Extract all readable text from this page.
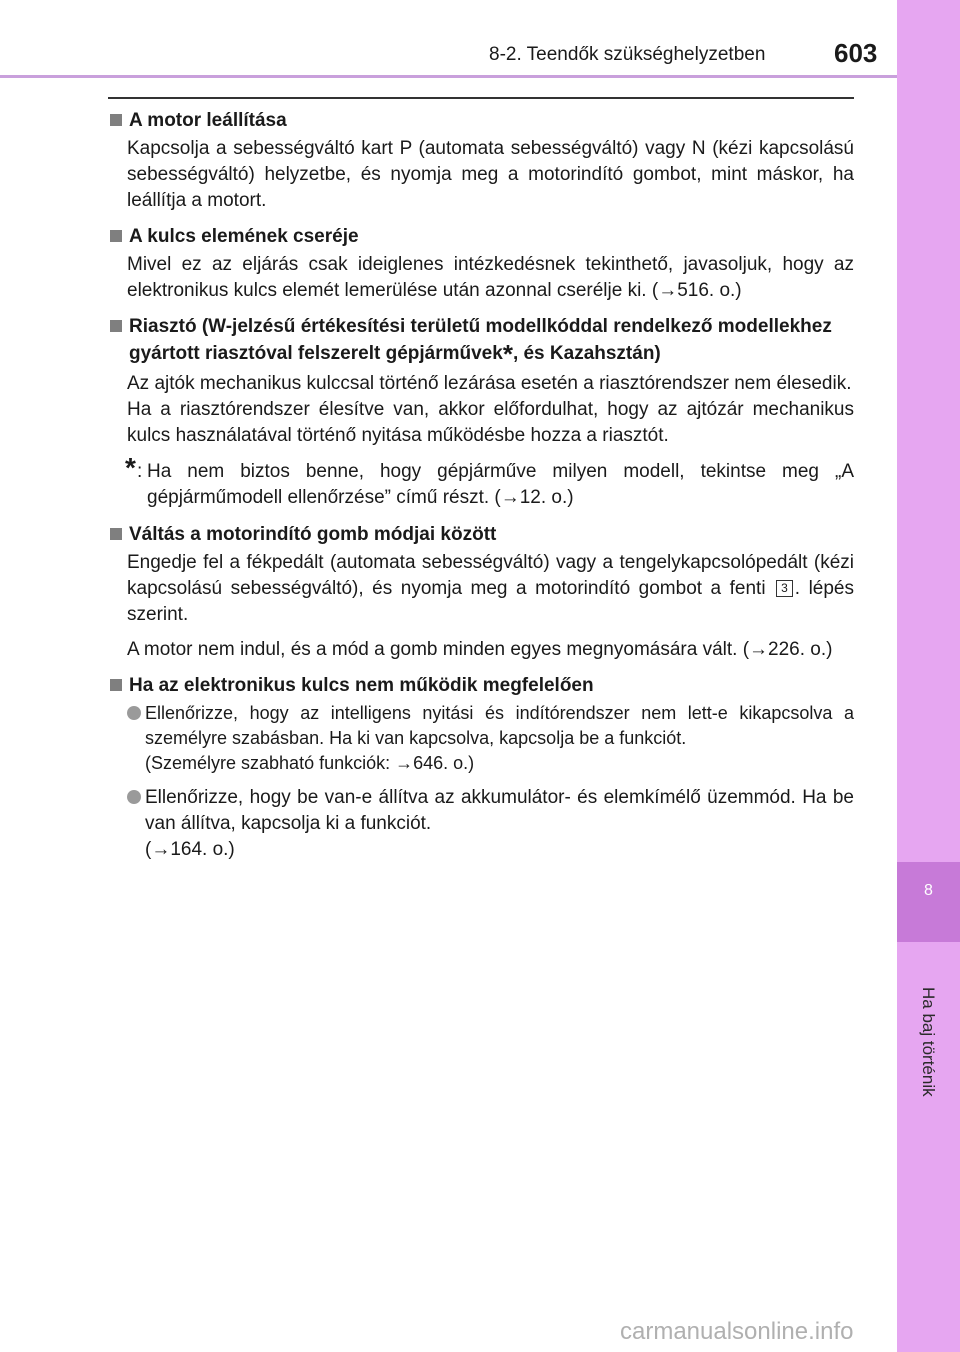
8-2. Teendők szükséghelyzetben	603
8
Ha baj történik
A motor leállítása
Kapcsolja a sebességváltó kart P (automata sebességváltó) vagy N (kézi kapcsolású sebességváltó) helyzetbe, és nyomja meg a motorindító gombot, mint máskor, ha leállítja a motort.
A kulcs elemének cseréje
Mivel ez az eljárás csak ideiglenes intézkedésnek tekinthető, javasoljuk, hogy az elektronikus kulcs elemét lemerülése után azonnal cserélje ki. (→516. o.)
Riasztó (W-jelzésű értékesítési területű modellkóddal rendelkező modellekhez gyártott riasztóval felszerelt gépjárművek*, és Kazahsztán)
Az ajtók mechanikus kulccsal történő lezárása esetén a riasztórendszer nem élesedik.
Ha a riasztórendszer élesítve van, akkor előfordulhat, hogy az ajtózár mechanikus kulcs használatával történő nyitása működésbe hozza a riasztót.
* : Ha nem biztos benne, hogy gépjárműve milyen modell, tekintse meg „A gépjárműmodell ellenőrzése” című részt. (→12. o.)
Váltás a motorindító gomb módjai között
Engedje fel a fékpedált (automata sebességváltó) vagy a tengelykapcsolópedált (kézi kapcsolású sebességváltó), és nyomja meg a motorindító gombot a fenti 3 . lépés szerint.
A motor nem indul, és a mód a gomb minden egyes megnyomására vált. (→226. o.)
Ha az elektronikus kulcs nem működik megfelelően
Ellenőrizze, hogy az intelligens nyitási és indítórendszer nem lett-e kikapcsolva a személyre szabásban. Ha ki van kapcsolva, kapcsolja be a funkciót.
(Személyre szabható funkciók: →646. o.)
Ellenőrizze, hogy be van-e állítva az akkumulátor- és elemkímélő üzemmód. Ha be van állítva, kapcsolja ki a funkciót.
(→164. o.)
carmanualsonline.info
